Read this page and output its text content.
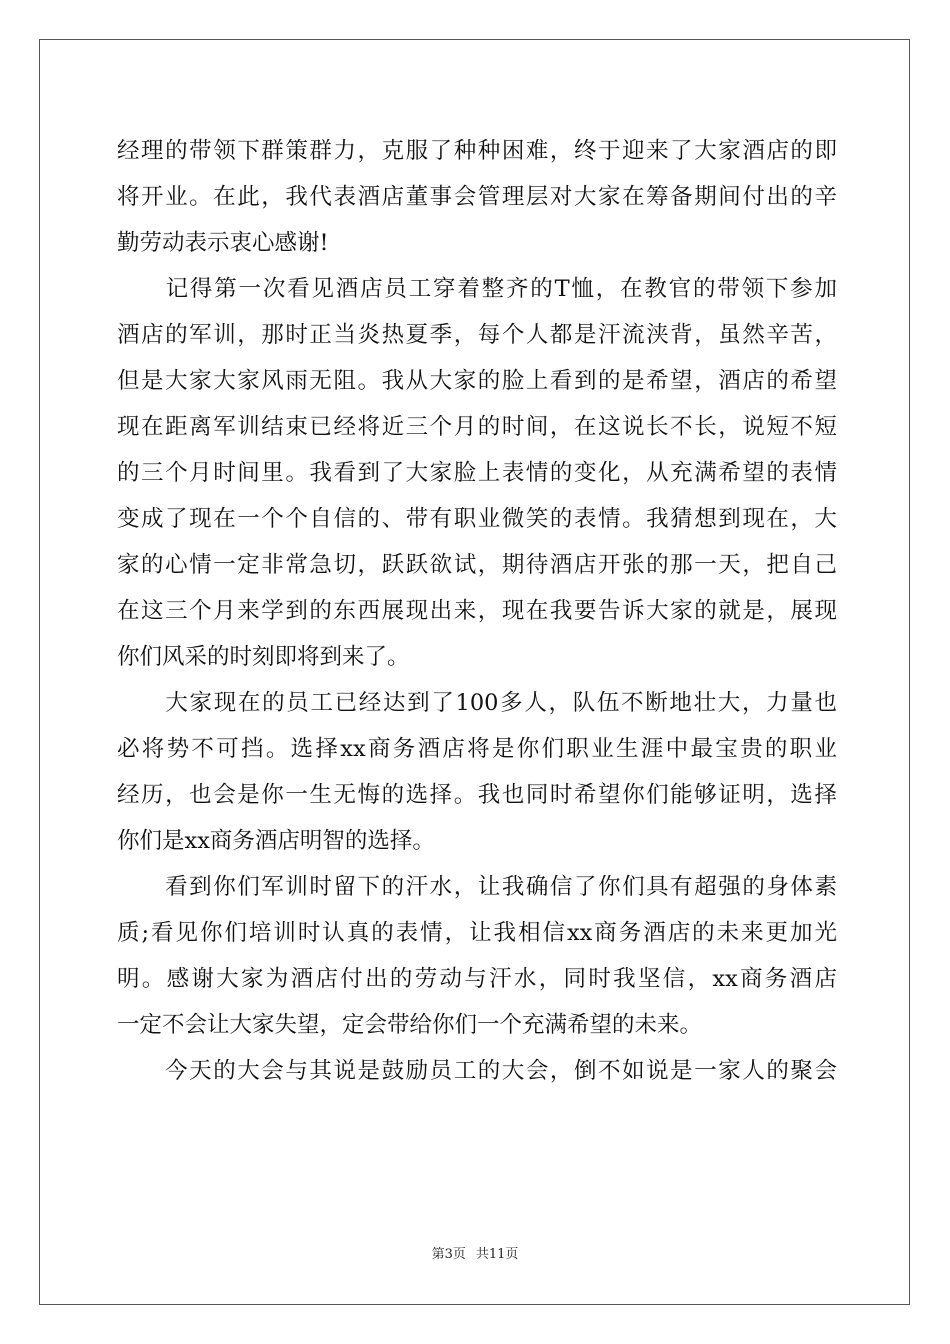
经理的带领下群策群力，克服了种种困难，终于迎来了大家酒店的即
将开业。在此，我代表酒店董事会管理层对大家在筹备期间付出的辛
勤劳动表示衷心感谢!
　　记得第一次看见酒店员工穿着整齐的T恤，在教官的带领下参加
酒店的军训，那时正当炎热夏季，每个人都是汗流浃背，虽然辛苦，
但是大家大家风雨无阻。我从大家的脸上看到的是希望，酒店的希望
现在距离军训结束已经将近三个月的时间，在这说长不长，说短不短
的三个月时间里。我看到了大家脸上表情的变化，从充满希望的表情
变成了现在一个个自信的、带有职业微笑的表情。我猜想到现在，大
家的心情一定非常急切，跃跃欲试，期待酒店开张的那一天，把自己
在这三个月来学到的东西展现出来，现在我要告诉大家的就是，展现
你们风采的时刻即将到来了。
　　大家现在的员工已经达到了100多人，队伍不断地壮大，力量也
必将势不可挡。选择xx商务酒店将是你们职业生涯中最宝贵的职业
经历，也会是你一生无悔的选择。我也同时希望你们能够证明，选择
你们是xx商务酒店明智的选择。
　　看到你们军训时留下的汗水，让我确信了你们具有超强的身体素
质;看见你们培训时认真的表情，让我相信xx商务酒店的未来更加光
明。感谢大家为酒店付出的劳动与汗水，同时我坚信，xx商务酒店
一定不会让大家失望，定会带给你们一个充满希望的未来。
　　今天的大会与其说是鼓励员工的大会，倒不如说是一家人的聚会
第3页 共11页
